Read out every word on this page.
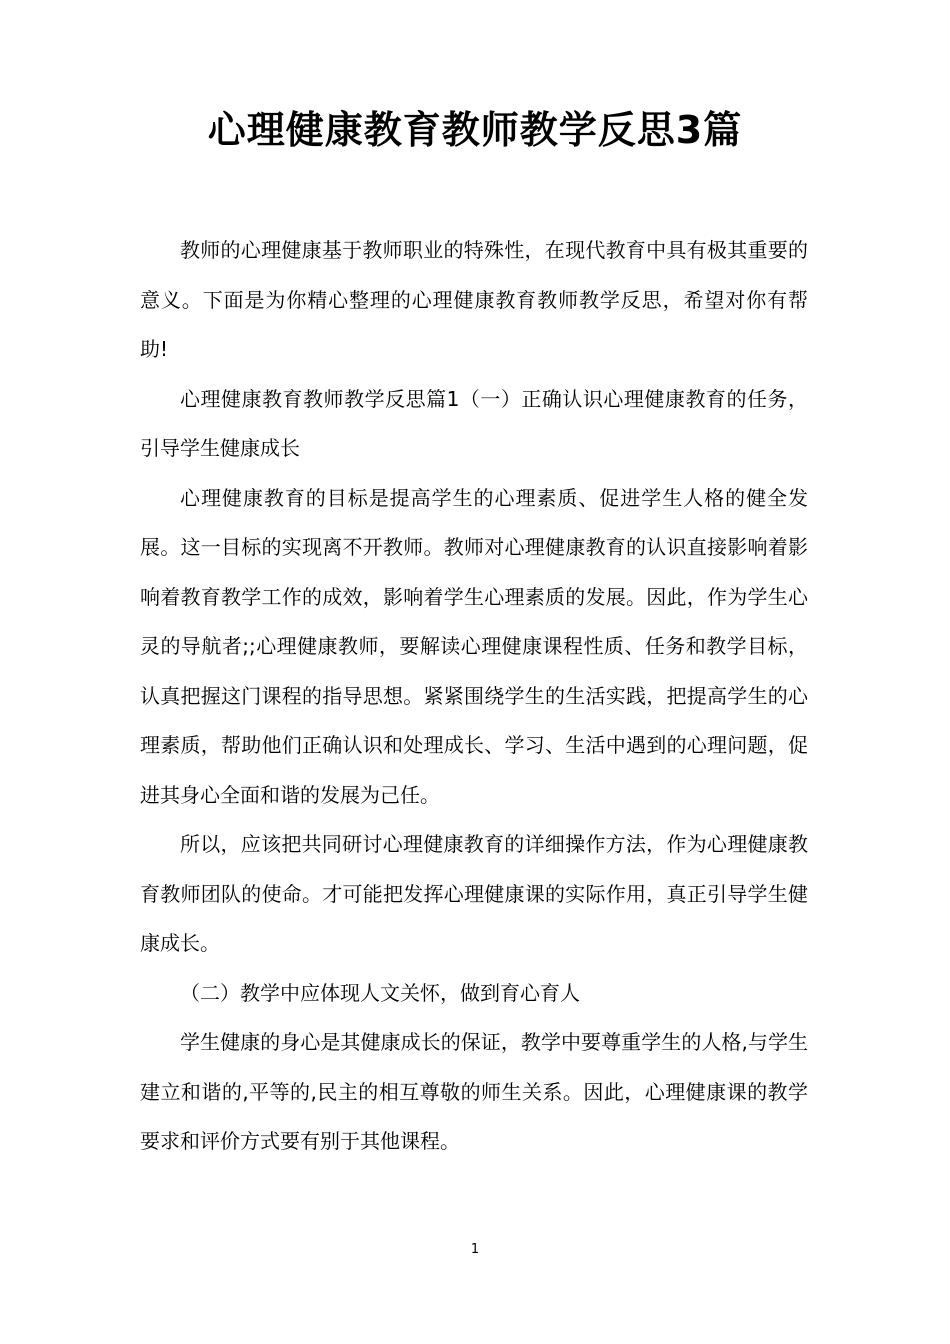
心理健康教育教师教学反思3篇

教师的心理健康基于教师职业的特殊性，在现代教育中具有极其重要的意义。下面是为你精心整理的心理健康教育教师教学反思，希望对你有帮助!

心理健康教育教师教学反思篇1（一）正确认识心理健康教育的任务，引导学生健康成长

心理健康教育的目标是提高学生的心理素质、促进学生人格的健全发展。这一目标的实现离不开教师。教师对心理健康教育的认识直接影响着影响着教育教学工作的成效，影响着学生心理素质的发展。因此，作为学生心灵的导航者;;心理健康教师，要解读心理健康课程性质、任务和教学目标，认真把握这门课程的指导思想。紧紧围绕学生的生活实践，把提高学生的心理素质，帮助他们正确认识和处理成长、学习、生活中遇到的心理问题，促进其身心全面和谐的发展为己任。

所以，应该把共同研讨心理健康教育的详细操作方法，作为心理健康教育教师团队的使命。才可能把发挥心理健康课的实际作用，真正引导学生健康成长。

（二）教学中应体现人文关怀，做到育心育人

学生健康的身心是其健康成长的保证，教学中要尊重学生的人格,与学生建立和谐的,平等的,民主的相互尊敬的师生关系。因此，心理健康课的教学要求和评价方式要有别于其他课程。

1
